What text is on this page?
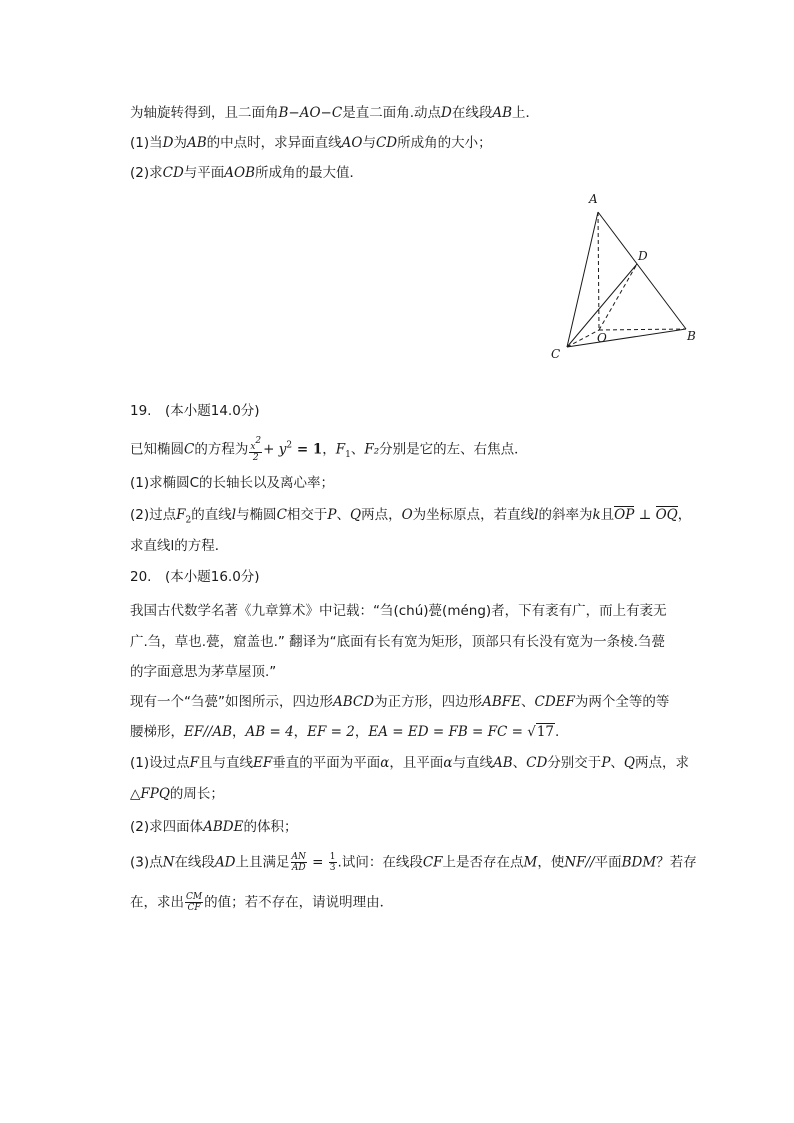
为轴旋转得到，且二面角B−AO−C是直二面角.动点D在线段AB上．
(1)当D为AB的中点时，求异面直线AO与CD所成角的大小；
(2)求CD与平面AOB所成角的最大值．
A
D
O	B
C
19.　(本小题14.0分)
已知椭圆C的方程为 $\frac{x2}{2} + y^2 = 1$，$F_1$、F₂分别是它的左、右焦点．
(1)求椭圆C的长轴长以及离心率；
(2)过点$F_2$的直线l与椭圆C相交于P、Q两点，O为坐标原点，若直线l的斜率为k且OP ⊥ OQ，
求直线l的方程．
20.　(本小题16.0分)
我国古代数学名著《九章算术》中记载：“刍(chú)甍(méng)者，下有袤有广，而上有袤无
广.刍，草也.甍，窟盖也.” 翻译为“底面有长有宽为矩形，顶部只有长没有宽为一条棱.刍甍
的字面意思为茅草屋顶.”
现有一个“刍甍”如图所示，四边形ABCD为正方形，四边形ABFE、CDEF为两个全等的等
腰梯形，EF//AB，AB = 4，EF = 2，EA = ED = FB = FC = √17.
(1)设过点F且与直线EF垂直的平面为平面α，且平面α与直线AB、CD分别交于P、Q两点，求
△FPQ的周长；
(2)求四面体ABDE的体积；
(3)点N在线段AD上且满足 $\frac{AN}{AD} = \frac{1}{3}$ .试问：在线段CF上是否存在点M，使NF//平面BDM？若存
在，求出 $\frac{CM}{CF}$ 的值；若不存在，请说明理由．
